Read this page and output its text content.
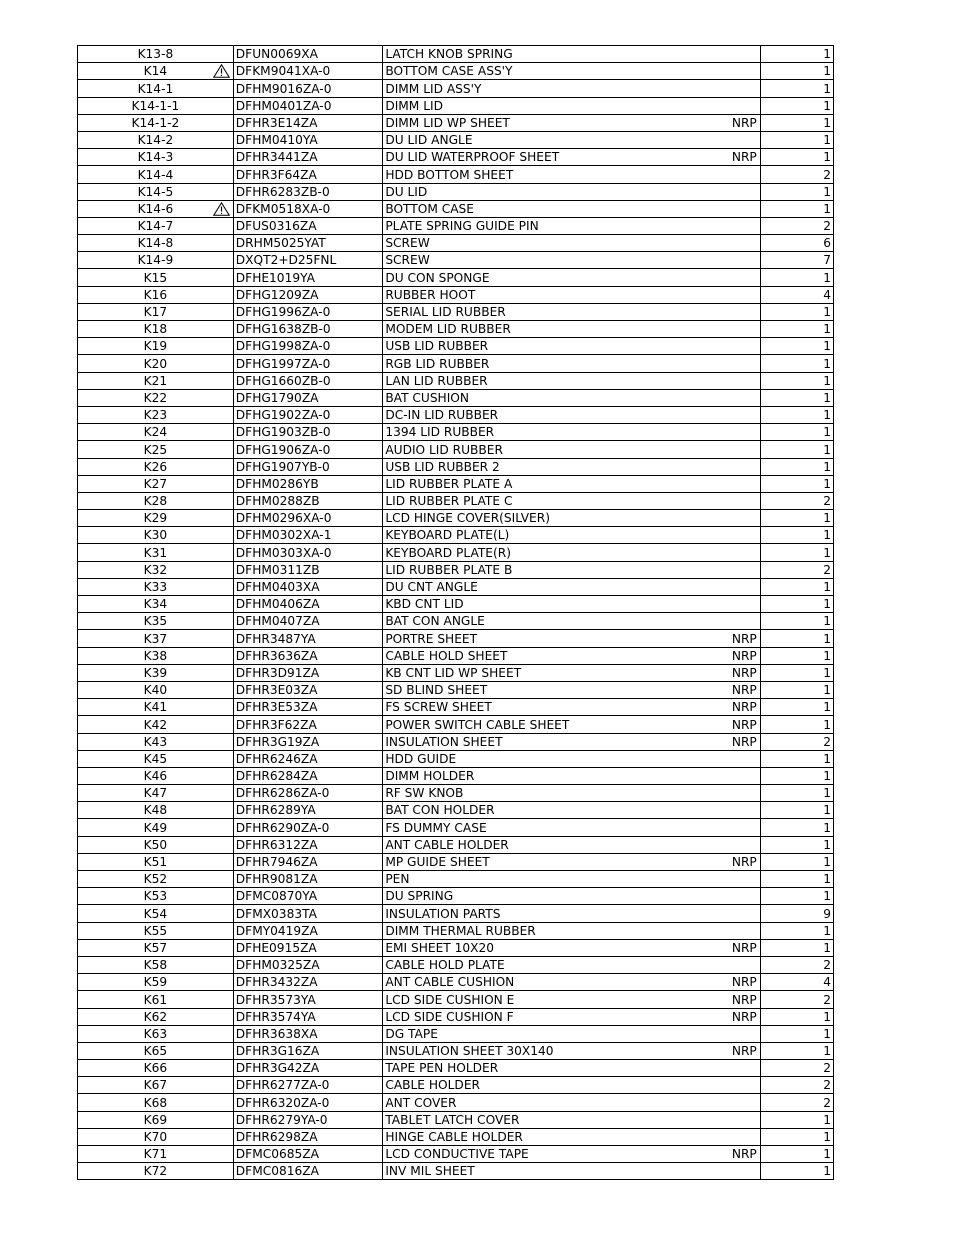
K13-8	DFUN0069XA	LATCH KNOB SPRING	1
K14	DFKM9041XA-0	BOTTOM CASE ASS'Y	1
K14-1	DFHM9016ZA-0	DIMM LID ASS'Y	1
K14-1-1	DFHM0401ZA-0	DIMM LID	1
K14-1-2	DFHR3E14ZA	DIMM LID WP SHEET NRP	1
K14-2	DFHM0410YA	DU LID ANGLE	1
K14-3	DFHR3441ZA	DU LID WATERPROOF SHEET NRP	1
K14-4	DFHR3F64ZA	HDD BOTTOM SHEET	2
K14-5	DFHR6283ZB-0	DU LID	1
K14-6	DFKM0518XA-0	BOTTOM CASE	1
K14-7	DFUS0316ZA	PLATE SPRING GUIDE PIN	2
K14-8	DRHM5025YAT	SCREW	6
K14-9	DXQT2+D25FNL	SCREW	7
K15	DFHE1019YA	DU CON SPONGE	1
K16	DFHG1209ZA	RUBBER HOOT	4
K17	DFHG1996ZA-0	SERIAL LID RUBBER	1
K18	DFHG1638ZB-0	MODEM LID RUBBER	1
K19	DFHG1998ZA-0	USB LID RUBBER	1
K20	DFHG1997ZA-0	RGB LID RUBBER	1
K21	DFHG1660ZB-0	LAN LID RUBBER	1
K22	DFHG1790ZA	BAT CUSHION	1
K23	DFHG1902ZA-0	DC-IN LID RUBBER	1
K24	DFHG1903ZB-0	1394 LID RUBBER	1
K25	DFHG1906ZA-0	AUDIO LID RUBBER	1
K26	DFHG1907YB-0	USB LID RUBBER 2	1
K27	DFHM0286YB	LID RUBBER PLATE A	1
K28	DFHM0288ZB	LID RUBBER PLATE C	2
K29	DFHM0296XA-0	LCD HINGE COVER(SILVER)	1
K30	DFHM0302XA-1	KEYBOARD PLATE(L)	1
K31	DFHM0303XA-0	KEYBOARD PLATE(R)	1
K32	DFHM0311ZB	LID RUBBER PLATE B	2
K33	DFHM0403XA	DU CNT ANGLE	1
K34	DFHM0406ZA	KBD CNT LID	1
K35	DFHM0407ZA	BAT CON ANGLE	1
K37	DFHR3487YA	PORTRE SHEET NRP	1
K38	DFHR3636ZA	CABLE HOLD SHEET NRP	1
K39	DFHR3D91ZA	KB CNT LID WP SHEET NRP	1
K40	DFHR3E03ZA	SD BLIND SHEET NRP	1
K41	DFHR3E53ZA	FS SCREW SHEET NRP	1
K42	DFHR3F62ZA	POWER SWITCH CABLE SHEET NRP	1
K43	DFHR3G19ZA	INSULATION SHEET NRP	2
K45	DFHR6246ZA	HDD GUIDE	1
K46	DFHR6284ZA	DIMM HOLDER	1
K47	DFHR6286ZA-0	RF SW KNOB	1
K48	DFHR6289YA	BAT CON HOLDER	1
K49	DFHR6290ZA-0	FS DUMMY CASE	1
K50	DFHR6312ZA	ANT CABLE HOLDER	1
K51	DFHR7946ZA	MP GUIDE SHEET NRP	1
K52	DFHR9081ZA	PEN	1
K53	DFMC0870YA	DU SPRING	1
K54	DFMX0383TA	INSULATION PARTS	9
K55	DFMY0419ZA	DIMM THERMAL RUBBER	1
K57	DFHE0915ZA	EMI SHEET 10X20 NRP	1
K58	DFHM0325ZA	CABLE HOLD PLATE	2
K59	DFHR3432ZA	ANT CABLE CUSHION NRP	4
K61	DFHR3573YA	LCD SIDE CUSHION E NRP	2
K62	DFHR3574YA	LCD SIDE CUSHION F NRP	1
K63	DFHR3638XA	DG TAPE	1
K65	DFHR3G16ZA	INSULATION SHEET 30X140 NRP	1
K66	DFHR3G42ZA	TAPE PEN HOLDER	2
K67	DFHR6277ZA-0	CABLE HOLDER	2
K68	DFHR6320ZA-0	ANT COVER	2
K69	DFHR6279YA-0	TABLET LATCH COVER	1
K70	DFHR6298ZA	HINGE CABLE HOLDER	1
K71	DFMC0685ZA	LCD CONDUCTIVE TAPE NRP	1
K72	DFMC0816ZA	INV MIL SHEET	1
